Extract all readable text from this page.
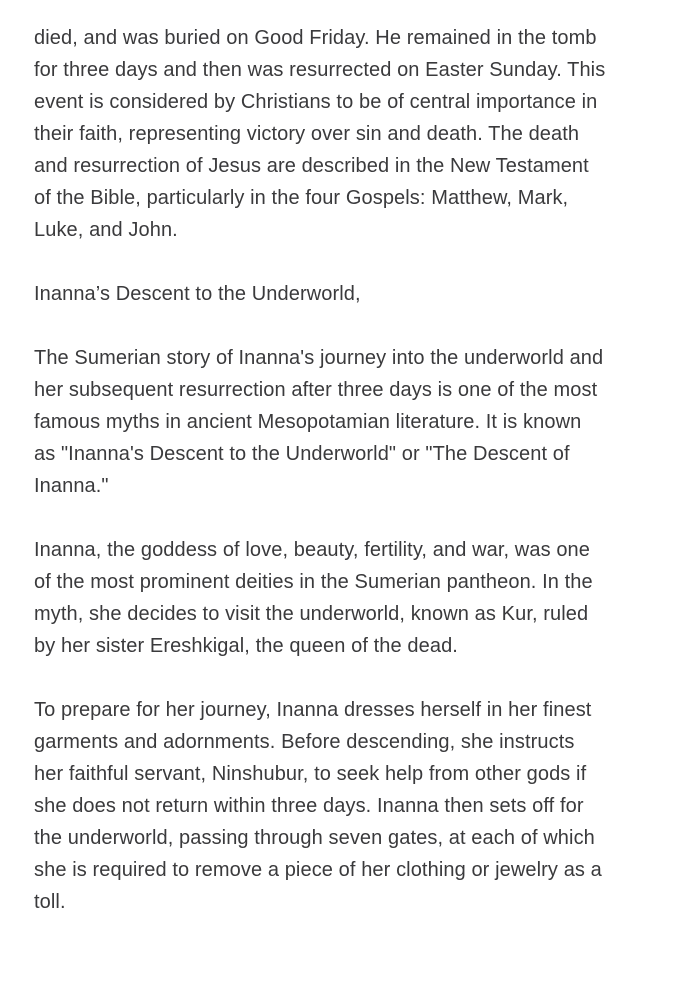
died, and was buried on Good Friday. He remained in the tomb
for three days and then was resurrected on Easter Sunday. This
event is considered by Christians to be of central importance in
their faith, representing victory over sin and death. The death
and resurrection of Jesus are described in the New Testament
of the Bible, particularly in the four Gospels: Matthew, Mark,
Luke, and John.

Inanna’s Descent to the Underworld,

The Sumerian story of Inanna's journey into the underworld and
her subsequent resurrection after three days is one of the most
famous myths in ancient Mesopotamian literature. It is known
as "Inanna's Descent to the Underworld" or "The Descent of
Inanna."

Inanna, the goddess of love, beauty, fertility, and war, was one
of the most prominent deities in the Sumerian pantheon. In the
myth, she decides to visit the underworld, known as Kur, ruled
by her sister Ereshkigal, the queen of the dead.

To prepare for her journey, Inanna dresses herself in her finest
garments and adornments. Before descending, she instructs
her faithful servant, Ninshubur, to seek help from other gods if
she does not return within three days. Inanna then sets off for
the underworld, passing through seven gates, at each of which
she is required to remove a piece of her clothing or jewelry as a
toll.
